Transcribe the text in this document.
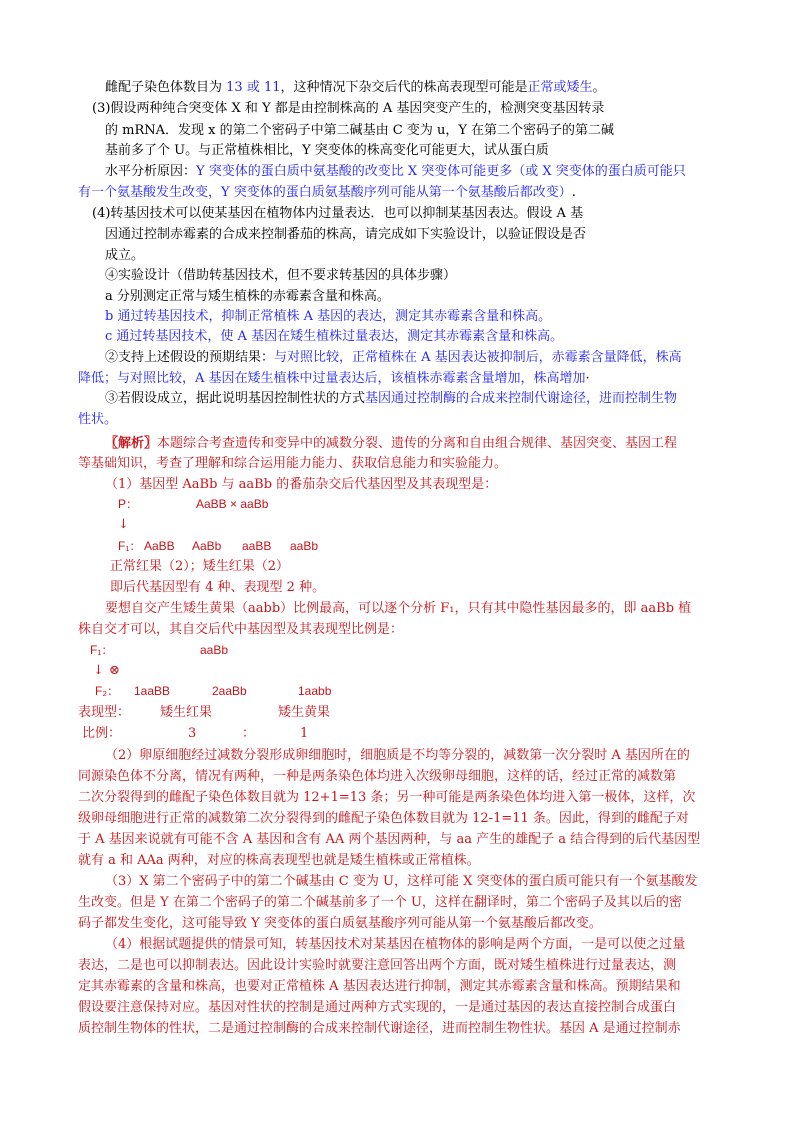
雌配子染色体数目为 13 或 11，这种情况下杂交后代的株高表现型可能是正常或矮生。
(3)假设两种纯合突变体 X 和 Y 都是由控制株高的 A 基因突变产生的，检测突变基因转录
的 mRNA．发现 x 的第二个密码子中第二碱基由 C 变为 u，Y 在第二个密码子的第二碱
基前多了个 U。与正常植株相比，Y 突变体的株高变化可能更大，试从蛋白质
水平分析原因：Y 突变体的蛋白质中氨基酸的改变比 X 突变体可能更多（或 X 突变体的蛋白质可能只
有一个氨基酸发生改变，Y 突变体的蛋白质氨基酸序列可能从第一个氨基酸后都改变）.
(4)转基因技术可以使某基因在植物体内过量表达．也可以抑制某基因表达。假设 A 基
因通过控制赤霉素的合成来控制番茄的株高，请完成如下实验设计，以验证假设是否
成立。
④实验设计（借助转基因技术，但不要求转基因的具体步骤）
a 分别测定正常与矮生植株的赤霉素含量和株高。
b 通过转基因技术，抑制正常植株 A 基因的表达，测定其赤霉素含量和株高。
c 通过转基因技术，使 A 基因在矮生植株过量表达，测定其赤霉素含量和株高。
②支持上述假设的预期结果：与对照比较，正常植株在 A 基因表达被抑制后，赤霉素含量降低，株高
降低；与对照比较，A 基因在矮生植株中过量表达后，该植株赤霉素含量增加，株高增加·
③若假设成立，据此说明基因控制性状的方式基因通过控制酶的合成来控制代谢途径，进而控制生物
性状。
〖解析〗本题综合考查遗传和变异中的减数分裂、遗传的分离和自由组合规律、基因突变、基因工程
等基础知识，考查了理解和综合运用能力能力、获取信息能力和实验能力。
（1）基因型 AaBb 与 aaBb 的番茄杂交后代基因型及其表现型是：
P：	AaBB × aaBb
↓
F₁： AaBB AaBb aaBB aaBb
正常红果（2）；矮生红果（2）
即后代基因型有 4 种、表现型 2 种。
要想自交产生矮生黄果（aabb）比例最高，可以逐个分析 F₁，只有其中隐性基因最多的，即 aaBb 植
株自交才可以，其自交后代中基因型及其表现型比例是：
F₁：	aaBb
↓ ⊗
F₂： 1aaBB	2aaBb	1aabb
表现型： 矮生红果	矮生黄果
比例：	3	：	1
（2）卵原细胞经过减数分裂形成卵细胞时，细胞质是不均等分裂的，减数第一次分裂时 A 基因所在的
同源染色体不分离，情况有两种，一种是两条染色体均进入次级卵母细胞，这样的话，经过正常的减数第
二次分裂得到的雌配子染色体数目就为 12+1=13 条；另一种可能是两条染色体均进入第一极体，这样，次
级卵母细胞进行正常的减数第二次分裂得到的雌配子染色体数目就为 12-1=11 条。因此，得到的雌配子对
于 A 基因来说就有可能不含 A 基因和含有 AA 两个基因两种，与 aa 产生的雄配子 a 结合得到的后代基因型
就有 a 和 AAa 两种，对应的株高表现型也就是矮生植株或正常植株。
（3）X 第二个密码子中的第二个碱基由 C 变为 U，这样可能 X 突变体的蛋白质可能只有一个氨基酸发
生改变。但是 Y 在第二个密码子的第二个碱基前多了一个 U，这样在翻译时，第二个密码子及其以后的密
码子都发生变化，这可能导致 Y 突变体的蛋白质氨基酸序列可能从第一个氨基酸后都改变。
（4）根据试题提供的情景可知，转基因技术对某基因在植物体的影响是两个方面，一是可以使之过量
表达，二是也可以抑制表达。因此设计实验时就要注意回答出两个方面，既对矮生植株进行过量表达，测
定其赤霉素的含量和株高，也要对正常植株 A 基因表达进行抑制，测定其赤霉素含量和株高。预期结果和
假设要注意保持对应。基因对性状的控制是通过两种方式实现的，一是通过基因的表达直接控制合成蛋白
质控制生物体的性状，二是通过控制酶的合成来控制代谢途径，进而控制生物性状。基因 A 是通过控制赤
